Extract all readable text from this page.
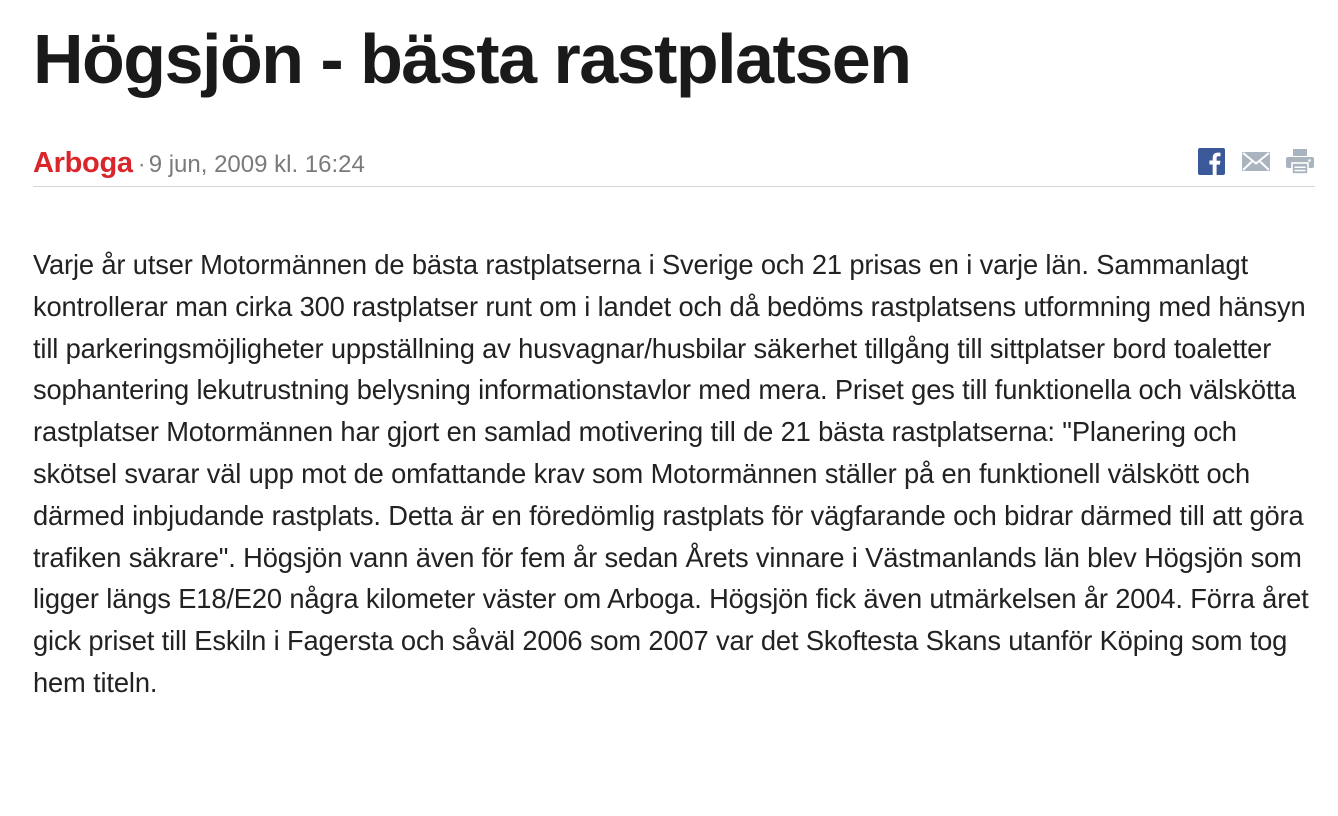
Högsjön - bästa rastplatsen
Arboga · 9 jun, 2009 kl. 16:24

Varje år utser Motormännen de bästa rastplatserna i Sverige och 21 prisas en i varje län. Sammanlagt kontrollerar man cirka 300 rastplatser runt om i landet och då bedöms rastplatsens utformning med hänsyn till parkeringsmöjligheter uppställning av husvagnar/husbilar säkerhet tillgång till sittplatser bord toaletter sophantering lekutrustning belysning informationstavlor med mera. Priset ges till funktionella och välskötta rastplatser Motormännen har gjort en samlad motivering till de 21 bästa rastplatserna: "Planering och skötsel svarar väl upp mot de omfattande krav som Motormännen ställer på en funktionell välskött och därmed inbjudande rastplats. Detta är en föredömlig rastplats för vägfarande och bidrar därmed till att göra trafiken säkrare". Högsjön vann även för fem år sedan Årets vinnare i Västmanlands län blev Högsjön som ligger längs E18/E20 några kilometer väster om Arboga. Högsjön fick även utmärkelsen år 2004. Förra året gick priset till Eskiln i Fagersta och såväl 2006 som 2007 var det Skoftesta Skans utanför Köping som tog hem titeln.
